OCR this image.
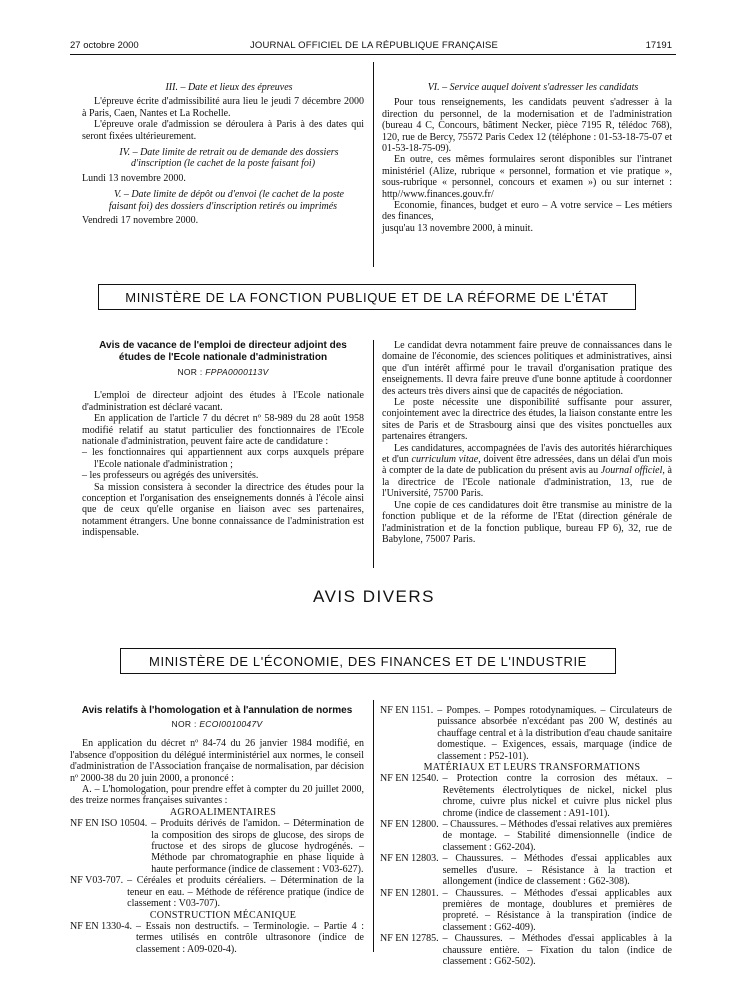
27 octobre 2000	JOURNAL OFFICIEL DE LA RÉPUBLIQUE FRANÇAISE	17191

III. – Date et lieux des épreuves

L'épreuve écrite d'admissibilité aura lieu le jeudi 7 décembre 2000 à Paris, Caen, Nantes et La Rochelle.

L'épreuve orale d'admission se déroulera à Paris à des dates qui seront fixées ultérieurement.

IV. – Date limite de retrait ou de demande des dossiers d'inscription (le cachet de la poste faisant foi)

Lundi 13 novembre 2000.

V. – Date limite de dépôt ou d'envoi (le cachet de la poste faisant foi) des dossiers d'inscription retirés ou imprimés

Vendredi 17 novembre 2000.

VI. – Service auquel doivent s'adresser les candidats

Pour tous renseignements, les candidats peuvent s'adresser à la direction du personnel, de la modernisation et de l'administration (bureau 4 C, Concours, bâtiment Necker, pièce 7195 R, télédoc 768), 120, rue de Bercy, 75572 Paris Cedex 12 (téléphone : 01-53-18-75-07 et 01-53-18-75-09).

En outre, ces mêmes formulaires seront disponibles sur l'intranet ministériel (Alize, rubrique « personnel, formation et vie pratique », sous-rubrique « personnel, concours et examen ») ou sur internet : http//www.finances.gouv.fr/

Economie, finances, budget et euro – A votre service – Les métiers des finances,

jusqu'au 13 novembre 2000, à minuit.

MINISTÈRE DE LA FONCTION PUBLIQUE ET DE LA RÉFORME DE L'ÉTAT
Avis de vacance de l'emploi de directeur adjoint des études de l'Ecole nationale d'administration
NOR : FPPA0000113V

L'emploi de directeur adjoint des études à l'Ecole nationale d'administration est déclaré vacant.

En application de l'article 7 du décret nº 58-989 du 28 août 1958 modifié relatif au statut particulier des fonctionnaires de l'Ecole nationale d'administration, peuvent faire acte de candidature :

– les fonctionnaires qui appartiennent aux corps auxquels prépare l'Ecole nationale d'administration ;

– les professeurs ou agrégés des universités.

Sa mission consistera à seconder la directrice des études pour la conception et l'organisation des enseignements donnés à l'école ainsi que de ceux qu'elle organise en liaison avec ses partenaires, notamment étrangers. Une bonne connaissance de l'administration est indispensable.

Le candidat devra notamment faire preuve de connaissances dans le domaine de l'économie, des sciences politiques et administratives, ainsi que d'un intérêt affirmé pour le travail d'organisation pratique des enseignements. Il devra faire preuve d'une bonne aptitude à coordonner des acteurs très divers ainsi que de capacités de négociation.

Le poste nécessite une disponibilité suffisante pour assurer, conjointement avec la directrice des études, la liaison constante entre les sites de Paris et de Strasbourg ainsi que des visites ponctuelles aux partenaires étrangers.

Les candidatures, accompagnées de l'avis des autorités hiérarchiques et d'un curriculum vitae, doivent être adressées, dans un délai d'un mois à compter de la date de publication du présent avis au Journal officiel, à la directrice de l'Ecole nationale d'administration, 13, rue de l'Université, 75700 Paris.

Une copie de ces candidatures doit être transmise au ministre de la fonction publique et de la réforme de l'Etat (direction générale de l'administration et de la fonction publique, bureau FP 6), 32, rue de Babylone, 75007 Paris.

AVIS DIVERS
MINISTÈRE DE L'ÉCONOMIE, DES FINANCES ET DE L'INDUSTRIE
Avis relatifs à l'homologation et à l'annulation de normes
NOR : ECOI0010047V

En application du décret nº 84-74 du 26 janvier 1984 modifié, en l'absence d'opposition du délégué interministériel aux normes, le conseil d'administration de l'Association française de normalisation, par décision nº 2000-38 du 20 juin 2000, a prononcé :

A. – L'homologation, pour prendre effet à compter du 20 juillet 2000, des treize normes françaises suivantes :

AGROALIMENTAIRES

NF EN ISO 10504. – Produits dérivés de l'amidon. – Détermination de la composition des sirops de glucose, des sirops de fructose et des sirops de glucose hydrogénés. – Méthode par chromatographie en phase liquide à haute performance (indice de classement : V03-627).
NF V03-707. – Céréales et produits céréaliers. – Détermination de la teneur en eau. – Méthode de référence pratique (indice de classement : V03-707).

CONSTRUCTION MÉCANIQUE

NF EN 1330-4. – Essais non destructifs. – Terminologie. – Partie 4 : termes utilisés en contrôle ultrasonore (indice de classement : A09-020-4).
NF EN 1151. – Pompes. – Pompes rotodynamiques. – Circulateurs de puissance absorbée n'excédant pas 200 W, destinés au chauffage central et à la distribution d'eau chaude sanitaire domestique. – Exigences, essais, marquage (indice de classement : P52-101).

MATÉRIAUX ET LEURS TRANSFORMATIONS

NF EN 12540. – Protection contre la corrosion des métaux. – Revêtements électrolytiques de nickel, nickel plus chrome, cuivre plus nickel et cuivre plus nickel plus chrome (indice de classement : A91-101).
NF EN 12800. – Chaussures. – Méthodes d'essai relatives aux premières de montage. – Stabilité dimensionnelle (indice de classement : G62-204).
NF EN 12803. – Chaussures. – Méthodes d'essai applicables aux semelles d'usure. – Résistance à la traction et allongement (indice de classement : G62-308).
NF EN 12801. – Chaussures. – Méthodes d'essai applicables aux premières de montage, doublures et premières de propreté. – Résistance à la transpiration (indice de classement : G62-409).
NF EN 12785. – Chaussures. – Méthodes d'essai applicables à la chaussure entière. – Fixation du talon (indice de classement : G62-502).
